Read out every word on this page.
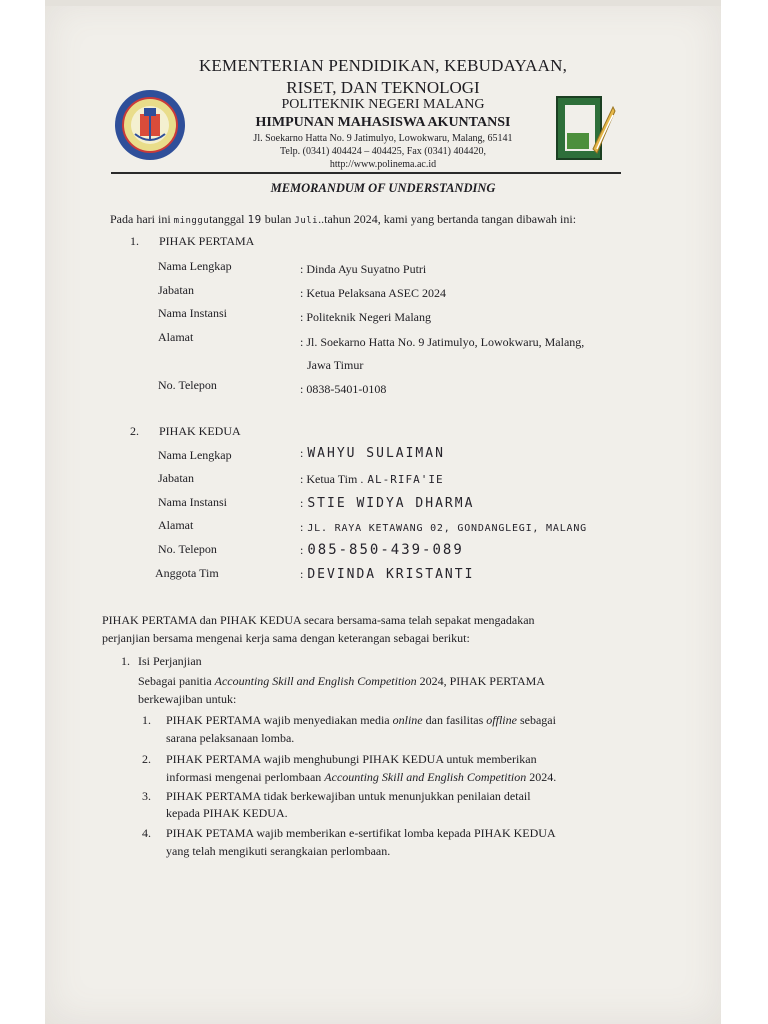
KEMENTERIAN PENDIDIKAN, KEBUDAYAAN,
RISET, DAN TEKNOLOGI
POLITEKNIK NEGERI MALANG
HIMPUNAN MAHASISWA AKUNTANSI
Jl. Soekarno Hatta No. 9 Jatimulyo, Lowokwaru, Malang, 65141
Telp. (0341) 404424 – 404425, Fax (0341) 404420,
http://www.polinema.ac.id
MEMORANDUM OF UNDERSTANDING
Pada hari ini minggutanggal 19 bulan Juli..tahun 2024, kami yang bertanda tangan dibawah ini:
1. PIHAK PERTAMA
Nama Lengkap	: Dinda Ayu Suyatno Putri
Jabatan	: Ketua Pelaksana ASEC 2024
Nama Instansi	: Politeknik Negeri Malang
Alamat	: Jl. Soekarno Hatta No. 9 Jatimulyo, Lowokwaru, Malang,
Jawa Timur
No. Telepon	: 0838-5401-0108
2. PIHAK KEDUA
Nama Lengkap	: WAHYU SULAIMAN
Jabatan	: Ketua Tim . AL-RIFA'IE
Nama Instansi	: STIE WIDYA DHARMA
Alamat	: JL. RAYA KETAWANG 02, GONDANGLEGI, MALANG
No. Telepon	: 085-850-439-089
Anggota Tim	: DEVINDA KRISTANTI
PIHAK PERTAMA dan PIHAK KEDUA secara bersama-sama telah sepakat mengadakan
perjanjian bersama mengenai kerja sama dengan keterangan sebagai berikut:
1. Isi Perjanjian
Sebagai panitia Accounting Skill and English Competition 2024, PIHAK PERTAMA
berkewajiban untuk:
1. PIHAK PERTAMA wajib menyediakan media online dan fasilitas offline sebagai
sarana pelaksanaan lomba.
2. PIHAK PERTAMA wajib menghubungi PIHAK KEDUA untuk memberikan
informasi mengenai perlombaan Accounting Skill and English Competition 2024.
3. PIHAK PERTAMA tidak berkewajiban untuk menunjukkan penilaian detail
kepada PIHAK KEDUA.
4. PIHAK PETAMA wajib memberikan e-sertifikat lomba kepada PIHAK KEDUA
yang telah mengikuti serangkaian perlombaan.
